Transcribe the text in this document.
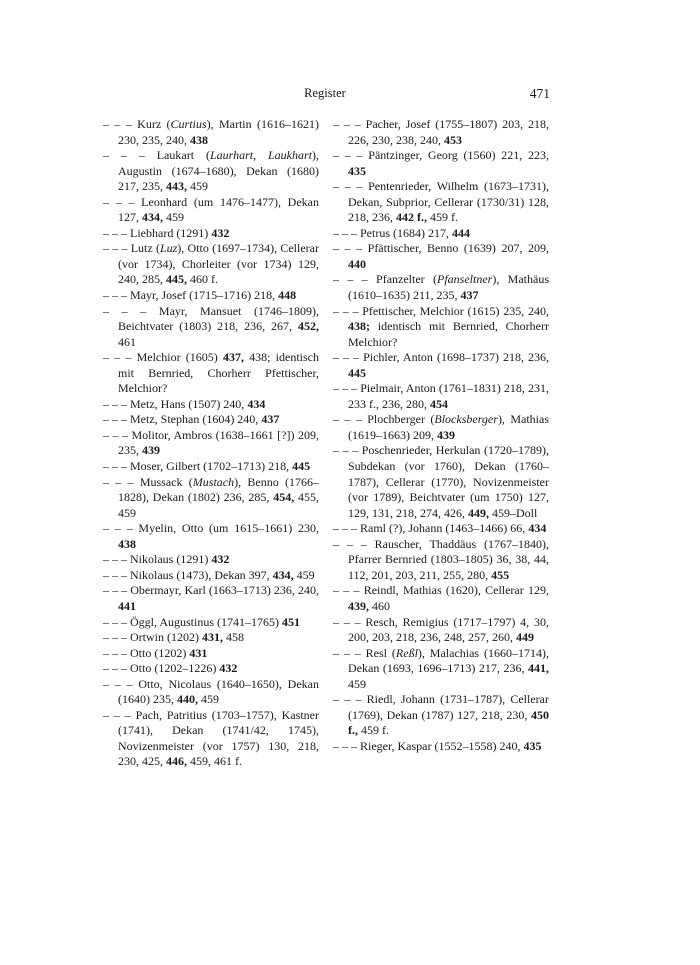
Register	471
– – – Kurz (Curtius), Martin (1616–1621) 230, 235, 240, 438
– – – Laukart (Laurhart, Laukhart), Augustin (1674–1680), Dekan (1680) 217, 235, 443, 459
– – – Leonhard (um 1476–1477), Dekan 127, 434, 459
– – – Liebhard (1291) 432
– – – Lutz (Luz), Otto (1697–1734), Cellerar (vor 1734), Chorleiter (vor 1734) 129, 240, 285, 445, 460 f.
– – – Mayr, Josef (1715–1716) 218, 448
– – – Mayr, Mansuet (1746–1809), Beichtvater (1803) 218, 236, 267, 452, 461
– – – Melchior (1605) 437, 438; identisch mit Bernried, Chorherr Pfettischer, Melchior?
– – – Metz, Hans (1507) 240, 434
– – – Metz, Stephan (1604) 240, 437
– – – Molitor, Ambros (1638–1661 [?]) 209, 235, 439
– – – Moser, Gilbert (1702–1713) 218, 445
– – – Mussack (Mustach), Benno (1766–1828), Dekan (1802) 236, 285, 454, 455, 459
– – – Myelin, Otto (um 1615–1661) 230, 438
– – – Nikolaus (1291) 432
– – – Nikolaus (1473), Dekan 397, 434, 459
– – – Obermayr, Karl (1663–1713) 236, 240, 441
– – – Öggl, Augustinus (1741–1765) 451
– – – Ortwin (1202) 431, 458
– – – Otto (1202) 431
– – – Otto (1202–1226) 432
– – – Otto, Nicolaus (1640–1650), Dekan (1640) 235, 440, 459
– – – Pach, Patritius (1703–1757), Kastner (1741), Dekan (1741/42, 1745), Novizenmeister (vor 1757) 130, 218, 230, 425, 446, 459, 461 f.
– – – Pacher, Josef (1755–1807) 203, 218, 226, 230, 238, 240, 453
– – – Päntzinger, Georg (1560) 221, 223, 435
– – – Pentenrieder, Wilhelm (1673–1731), Dekan, Subprior, Cellerar (1730/31) 128, 218, 236, 442 f., 459 f.
– – – Petrus (1684) 217, 444
– – – Pfättischer, Benno (1639) 207, 209, 440
– – – Pfanzelter (Pfanseltner), Mathäus (1610–1635) 211, 235, 437
– – – Pfettischer, Melchior (1615) 235, 240, 438; identisch mit Bernried, Chorherr Melchior?
– – – Pichler, Anton (1698–1737) 218, 236, 445
– – – Pielmair, Anton (1761–1831) 218, 231, 233 f., 236, 280, 454
– – – Plochberger (Blocksberger), Mathias (1619–1663) 209, 439
– – – Poschenrieder, Herkulan (1720–1789), Subdekan (vor 1760), Dekan (1760–1787), Cellerar (1770), Novizenmeister (vor 1789), Beichtvater (um 1750) 127, 129, 131, 218, 274, 426, 449, 459–Doll
– – – Raml (?), Johann (1463–1466) 66, 434
– – – Rauscher, Thaddäus (1767–1840), Pfarrer Bernried (1803–1805) 36, 38, 44, 112, 201, 203, 211, 255, 280, 455
– – – Reindl, Mathias (1620), Cellerar 129, 439, 460
– – – Resch, Remigius (1717–1797) 4, 30, 200, 203, 218, 236, 248, 257, 260, 449
– – – Resl (Reßl), Malachias (1660–1714), Dekan (1693, 1696–1713) 217, 236, 441, 459
– – – Riedl, Johann (1731–1787), Cellerar (1769), Dekan (1787) 127, 218, 230, 450 f., 459 f.
– – – Rieger, Kaspar (1552–1558) 240, 435
